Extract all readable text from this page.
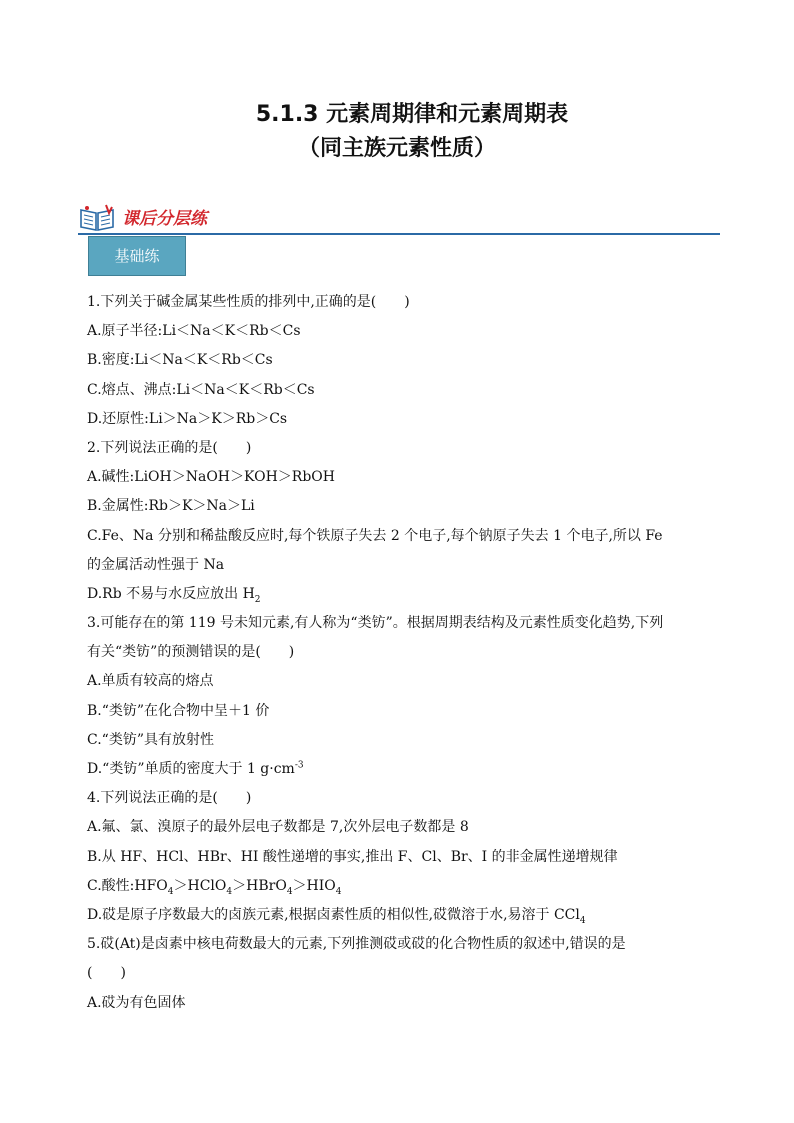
5.1.3 元素周期律和元素周期表
（同主族元素性质）
课后分层练
基础练
1.下列关于碱金属某些性质的排列中,正确的是(　　)
A.原子半径:Li＜Na＜K＜Rb＜Cs
B.密度:Li＜Na＜K＜Rb＜Cs
C.熔点、沸点:Li＜Na＜K＜Rb＜Cs
D.还原性:Li＞Na＞K＞Rb＞Cs
2.下列说法正确的是(　　)
A.碱性:LiOH＞NaOH＞KOH＞RbOH
B.金属性:Rb＞K＞Na＞Li
C.Fe、Na 分别和稀盐酸反应时,每个铁原子失去 2 个电子,每个钠原子失去 1 个电子,所以 Fe
的金属活动性强于 Na
D.Rb 不易与水反应放出 $H_2$
3.可能存在的第 119 号未知元素,有人称为“类钫”。根据周期表结构及元素性质变化趋势,下列
有关“类钫”的预测错误的是(　　)
A.单质有较高的熔点
B.“类钫”在化合物中呈＋1 价
C.“类钫”具有放射性
D.“类钫”单质的密度大于 1 $g\cdot cm^{-3}$
4.下列说法正确的是(　　)
A.氟、氯、溴原子的最外层电子数都是 7,次外层电子数都是 8
B.从 HF、HCl、HBr、HI 酸性递增的事实,推出 F、Cl、Br、I 的非金属性递增规律
C.酸性$:HFO_4>HClO_4>HBrO_4>HIO_4$
D.砹是原子序数最大的卤族元素,根据卤素性质的相似性,砹微溶于水,易溶于 CCl$_4$
5.砹(At)是卤素中核电荷数最大的元素,下列推测砹或砹的化合物性质的叙述中,错误的是
(　　)
A.砹为有色固体
